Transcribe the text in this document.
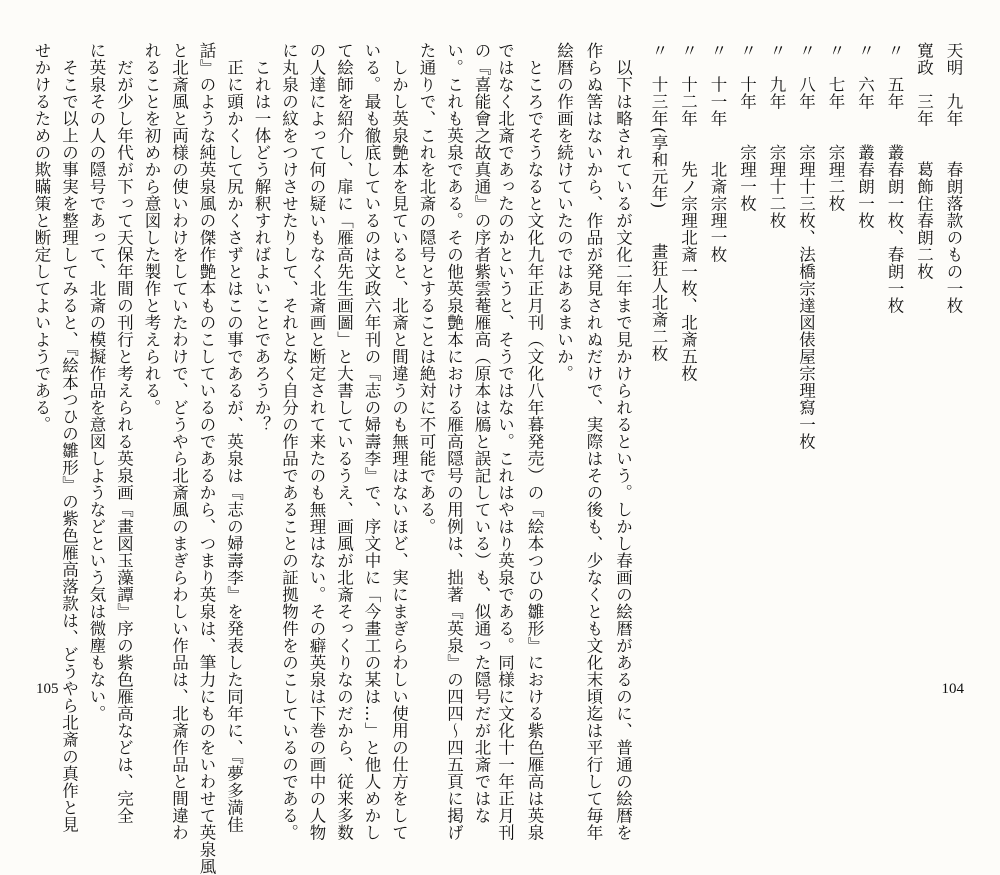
天明　九年　　春朗落款のもの一枚
寛政　三年　　葛飾住春朗二枚
〃　五年　　叢春朗一枚、春朗一枚
〃　六年　　叢春朗一枚
〃　七年　　宗理二枚
〃　八年　　宗理十三枚、法橋宗達図俵屋宗理寫一枚
〃　九年　　宗理十二枚
〃　十年　　宗理一枚
〃　十一年　　北斎宗理一枚
〃　十二年　　先ノ宗理北斎一枚、北斎五枚
〃　十三年(享和元年)　　畫狂人北斎二枚
　以下は略されているが文化二年まで見かけられるという。しかし春画の絵暦があるのに、普通の絵暦を
作らぬ筈はないから、作品が発見されぬだけで、実際はその後も、少なくとも文化末頃迄は平行して毎年
絵暦の作画を続けていたのではあるまいか。
　ところでそうなると文化九年正月刊（文化八年暮発売）の『絵本つひの雛形』における紫色雁高は英泉
ではなく北斎であったのかというと、そうではない。これはやはり英泉である。同様に文化十一年正月刊
の『喜能會之故真通』の序者紫雲菴雁高（原本は鴈と誤記している）も、似通った隠号だが北斎ではな
い。これも英泉である。その他英泉艶本における雁高隠号の用例は、拙著『英泉』の四四～四五頁に掲げ
た通りで、これを北斎の隠号とすることは絶対に不可能である。
　しかし英泉艶本を見ていると、北斎と間違うのも無理はないほど、実にまぎらわしい使用の仕方をして
いる。最も徹底しているのは文政六年刊の『志の婦壽李』で、序文中に「今畫工の某は…」と他人めかし
て絵師を紹介し、扉に「雁高先生画圖」と大書しているうえ、画風が北斎そっくりなのだから、従来多数
の人達によって何の疑いもなく北斎画と断定されて来たのも無理はない。その癖英泉は下巻の画中の人物
に丸泉の紋をつけさせたりして、それとなく自分の作品であることの証拠物件をのこしているのである。
　これは一体どう解釈すればよいことであろうか？
　正に頭かくして尻かくさずとはこの事であるが、英泉は『志の婦壽李』を発表した同年に、『夢多満佳
話』のような純英泉風の傑作艶本ものこしているのであるから、つまり英泉は、筆力にものをいわせて英泉風
と北斎風と両様の使いわけをしていたわけで、どうやら北斎風のまぎらわしい作品は、北斎作品と間違わ
れることを初めから意図した製作と考えられる。
　だが少し年代が下って天保年間の刊行と考えられる英泉画『畫図玉藻譚』序の紫色雁高などは、完全
に英泉その人の隠号であって、北斎の模擬作品を意図しようなどという気は微塵もない。
　そこで以上の事実を整理してみると、『絵本つひの雛形』の紫色雁高落款は、どうやら北斎の真作と見
せかけるための欺瞞策と断定してよいようである。
104
105
